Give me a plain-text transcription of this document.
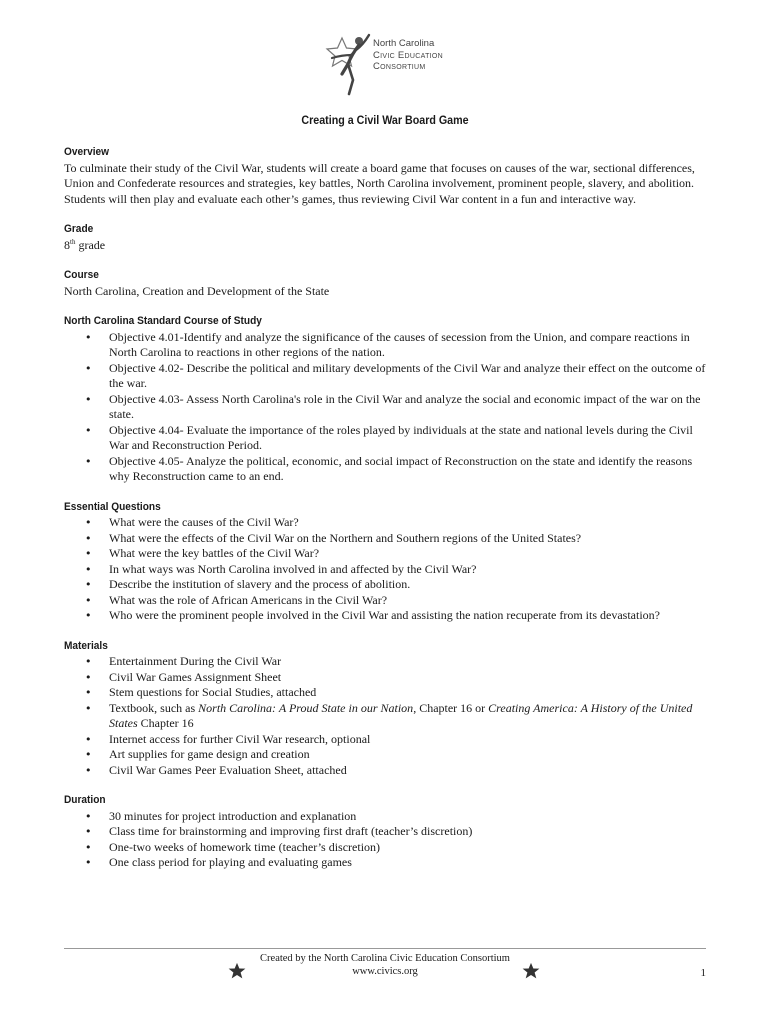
North Carolina
Civic Education
Consortium
Creating a Civil War Board Game
Overview

To culminate their study of the Civil War, students will create a board game that focuses on causes of the war, sectional differences, Union and Confederate resources and strategies, key battles, North Carolina involvement, prominent people, slavery, and abolition. Students will then play and evaluate each other’s games, thus reviewing Civil War content in a fun and interactive way.

Grade
8th grade
Course
North Carolina, Creation and Development of the State
North Carolina Standard Course of Study
• Objective 4.01-Identify and analyze the significance of the causes of secession from the Union, and compare reactions in North Carolina to reactions in other regions of the nation.
• Objective 4.02- Describe the political and military developments of the Civil War and analyze their effect on the outcome of the war.
• Objective 4.03- Assess North Carolina's role in the Civil War and analyze the social and economic impact of the war on the state.
• Objective 4.04- Evaluate the importance of the roles played by individuals at the state and national levels during the Civil War and Reconstruction Period.
• Objective 4.05- Analyze the political, economic, and social impact of Reconstruction on the state and identify the reasons why Reconstruction came to an end.
Essential Questions
• What were the causes of the Civil War?
• What were the effects of the Civil War on the Northern and Southern regions of the United States?
• What were the key battles of the Civil War?
• In what ways was North Carolina involved in and affected by the Civil War?
• Describe the institution of slavery and the process of abolition.
• What was the role of African Americans in the Civil War?
• Who were the prominent people involved in the Civil War and assisting the nation recuperate from its devastation?
Materials
• Entertainment During the Civil War
• Civil War Games Assignment Sheet
• Stem questions for Social Studies, attached
• Textbook, such as North Carolina: A Proud State in our Nation, Chapter 16 or Creating America: A History of the United States Chapter 16
• Internet access for further Civil War research, optional
• Art supplies for game design and creation
• Civil War Games Peer Evaluation Sheet, attached
Duration
• 30 minutes for project introduction and explanation
• Class time for brainstorming and improving first draft (teacher’s discretion)
• One-two weeks of homework time (teacher’s discretion)
• One class period for playing and evaluating games
Created by the North Carolina Civic Education Consortium
www.civics.org	1
